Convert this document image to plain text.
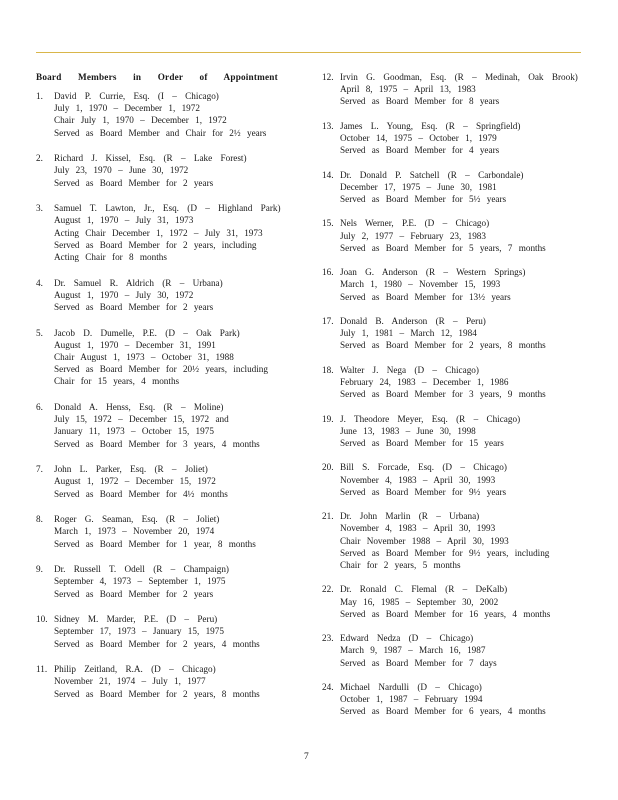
Board Members in Order of Appointment
1. David P. Currie, Esq. (I – Chicago)
July 1, 1970 – December 1, 1972
Chair July 1, 1970 – December 1, 1972
Served as Board Member and Chair for 2½ years
2. Richard J. Kissel, Esq. (R – Lake Forest)
July 23, 1970 – June 30, 1972
Served as Board Member for 2 years
3. Samuel T. Lawton, Jr., Esq. (D – Highland Park)
August 1, 1970 – July 31, 1973
Acting Chair December 1, 1972 – July 31, 1973
Served as Board Member for 2 years, including
Acting Chair for 8 months
4. Dr. Samuel R. Aldrich (R – Urbana)
August 1, 1970 – July 30, 1972
Served as Board Member for 2 years
5. Jacob D. Dumelle, P.E. (D – Oak Park)
August 1, 1970 – December 31, 1991
Chair August 1, 1973 – October 31, 1988
Served as Board Member for 20½ years, including
Chair for 15 years, 4 months
6. Donald A. Henss, Esq. (R – Moline)
July 15, 1972 – December 15, 1972 and
January 11, 1973 – October 15, 1975
Served as Board Member for 3 years, 4 months
7. John L. Parker, Esq. (R – Joliet)
August 1, 1972 – December 15, 1972
Served as Board Member for 4½ months
8. Roger G. Seaman, Esq. (R – Joliet)
March 1, 1973 – November 20, 1974
Served as Board Member for 1 year, 8 months
9. Dr. Russell T. Odell (R – Champaign)
September 4, 1973 – September 1, 1975
Served as Board Member for 2 years
10. Sidney M. Marder, P.E. (D – Peru)
September 17, 1973 – January 15, 1975
Served as Board Member for 2 years, 4 months
11. Philip Zeitland, R.A. (D – Chicago)
November 21, 1974 – July 1, 1977
Served as Board Member for 2 years, 8 months
12. Irvin G. Goodman, Esq. (R – Medinah, Oak Brook)
April 8, 1975 – April 13, 1983
Served as Board Member for 8 years
13. James L. Young, Esq. (R – Springfield)
October 14, 1975 – October 1, 1979
Served as Board Member for 4 years
14. Dr. Donald P. Satchell (R – Carbondale)
December 17, 1975 – June 30, 1981
Served as Board Member for 5½ years
15. Nels Werner, P.E. (D – Chicago)
July 2, 1977 – February 23, 1983
Served as Board Member for 5 years, 7 months
16. Joan G. Anderson (R – Western Springs)
March 1, 1980 – November 15, 1993
Served as Board Member for 13½ years
17. Donald B. Anderson (R – Peru)
July 1, 1981 – March 12, 1984
Served as Board Member for 2 years, 8 months
18. Walter J. Nega (D – Chicago)
February 24, 1983 – December 1, 1986
Served as Board Member for 3 years, 9 months
19. J. Theodore Meyer, Esq. (R – Chicago)
June 13, 1983 – June 30, 1998
Served as Board Member for 15 years
20. Bill S. Forcade, Esq. (D – Chicago)
November 4, 1983 – April 30, 1993
Served as Board Member for 9½ years
21. Dr. John Marlin (R – Urbana)
November 4, 1983 – April 30, 1993
Chair November 1988 – April 30, 1993
Served as Board Member for 9½ years, including
Chair for 2 years, 5 months
22. Dr. Ronald C. Flemal (R – DeKalb)
May 16, 1985 – September 30, 2002
Served as Board Member for 16 years, 4 months
23. Edward Nedza (D – Chicago)
March 9, 1987 – March 16, 1987
Served as Board Member for 7 days
24. Michael Nardulli (D – Chicago)
October 1, 1987 – February 1994
Served as Board Member for 6 years, 4 months
7
